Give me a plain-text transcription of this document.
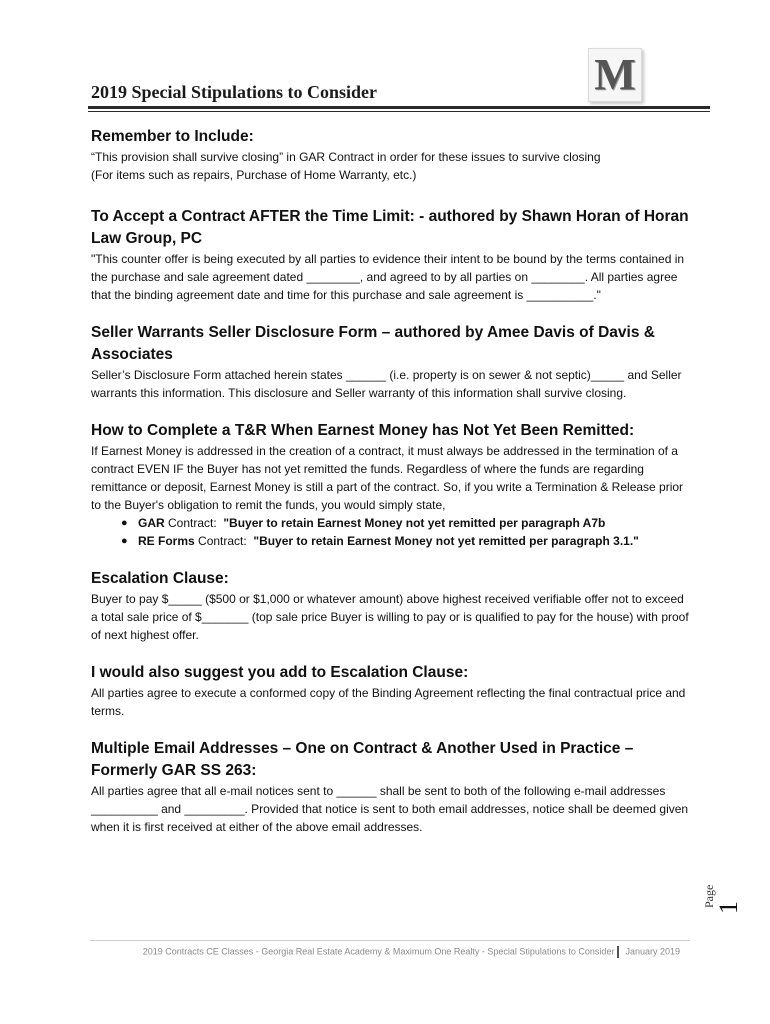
M
2019 Special Stipulations to Consider
Remember to Include:
“This provision shall survive closing” in GAR Contract in order for these issues to survive closing
(For items such as repairs, Purchase of Home Warranty, etc.)
To Accept a Contract AFTER the Time Limit: - authored by Shawn Horan of Horan Law Group, PC
"This counter offer is being executed by all parties to evidence their intent to be bound by the terms contained in the purchase and sale agreement dated ________, and agreed to by all parties on ________. All parties agree that the binding agreement date and time for this purchase and sale agreement is __________."
Seller Warrants Seller Disclosure Form – authored by Amee Davis of Davis & Associates
Seller’s Disclosure Form attached herein states ______ (i.e. property is on sewer & not septic)_____ and Seller warrants this information. This disclosure and Seller warranty of this information shall survive closing.
How to Complete a T&R When Earnest Money has Not Yet Been Remitted:
If Earnest Money is addressed in the creation of a contract, it must always be addressed in the termination of a contract EVEN IF the Buyer has not yet remitted the funds. Regardless of where the funds are regarding remittance or deposit, Earnest Money is still a part of the contract. So, if you write a Termination & Release prior to the Buyer's obligation to remit the funds, you would simply state,
● GAR Contract:  "Buyer to retain Earnest Money not yet remitted per paragraph A7b
● RE Forms Contract:  "Buyer to retain Earnest Money not yet remitted per paragraph 3.1."
Escalation Clause:
Buyer to pay $_____ ($500 or $1,000 or whatever amount) above highest received verifiable offer not to exceed a total sale price of $_______ (top sale price Buyer is willing to pay or is qualified to pay for the house) with proof of next highest offer.
I would also suggest you add to Escalation Clause:
All parties agree to execute a conformed copy of the Binding Agreement reflecting the final contractual price and terms.
Multiple Email Addresses – One on Contract & Another Used in Practice – Formerly GAR SS 263:
All parties agree that all e-mail notices sent to ______ shall be sent to both of the following e-mail addresses __________ and _________. Provided that notice is sent to both email addresses, notice shall be deemed given when it is first received at either of the above email addresses.
Page
1
2019 Contracts CE Classes - Georgia Real Estate Academy & Maximum One Realty - Special Stipulations to Consider January 2019
